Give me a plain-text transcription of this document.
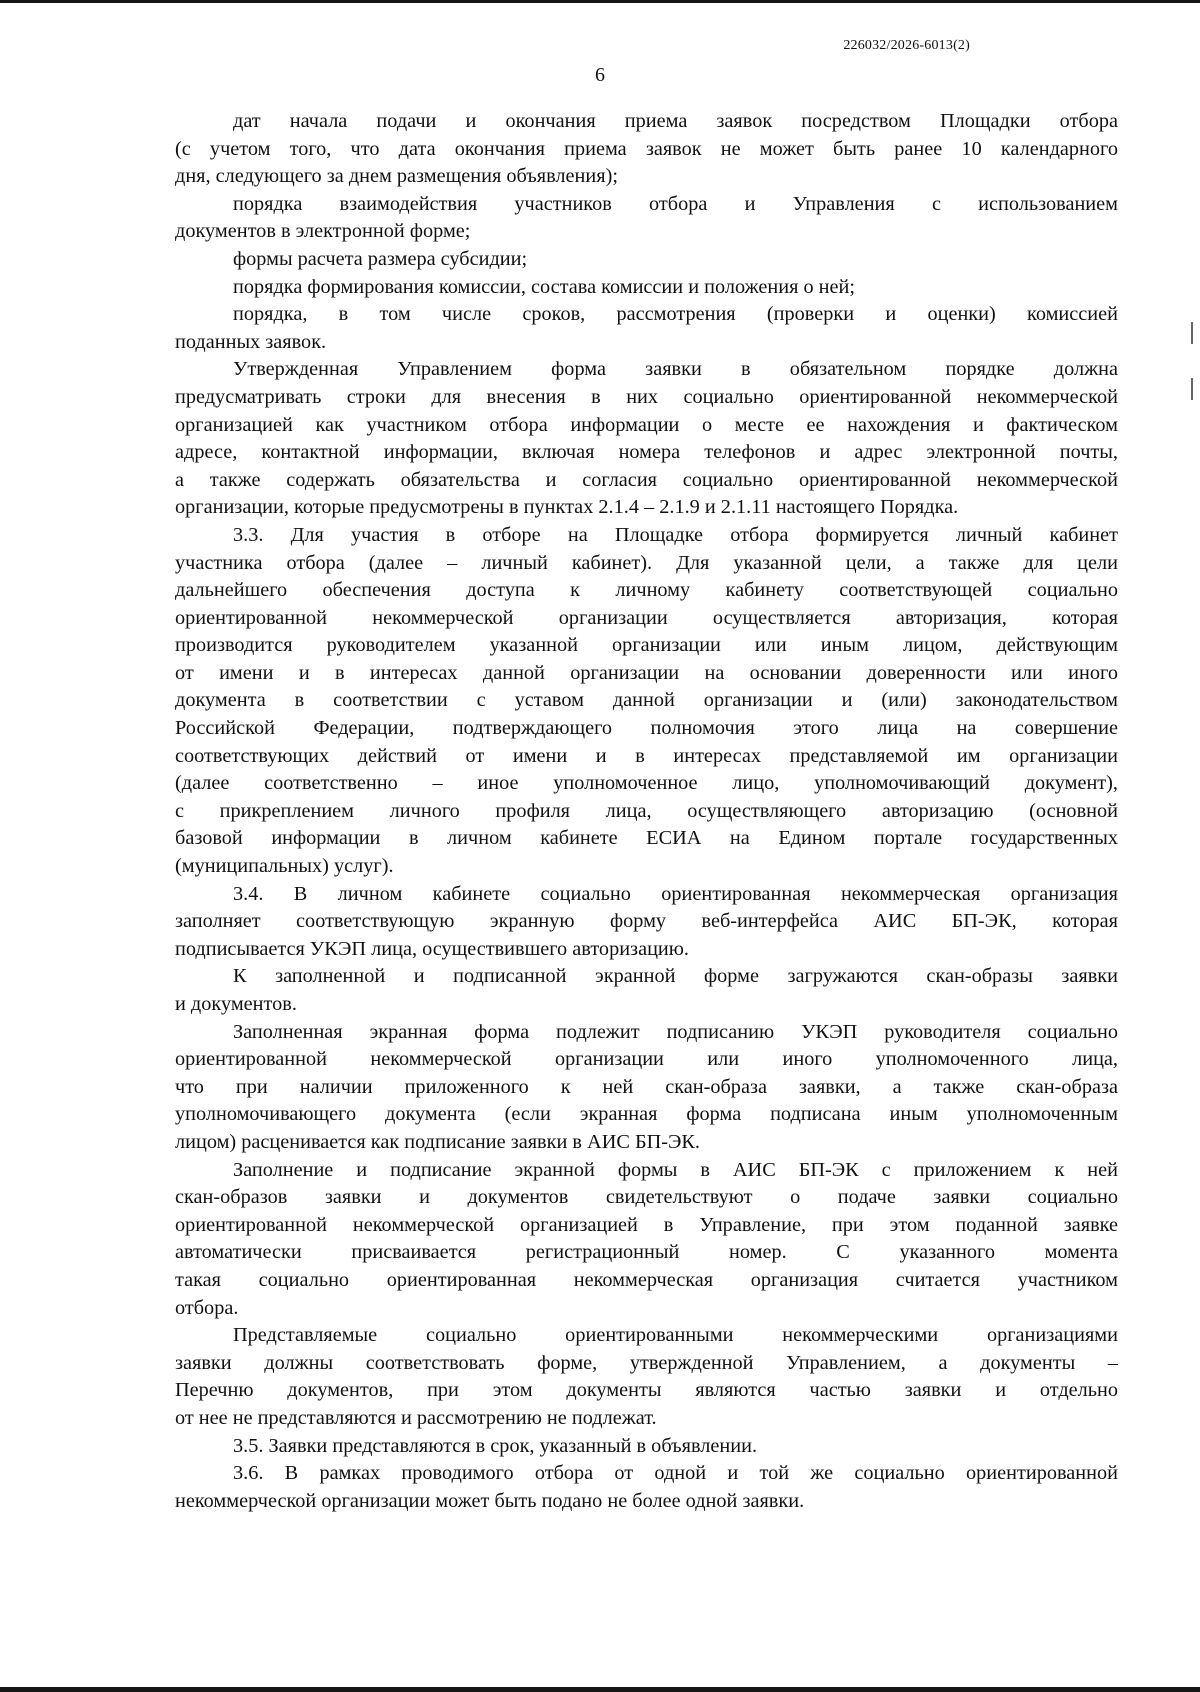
226032/2026-6013(2)
6
дат начала подачи и окончания приема заявок посредством Площадки отбора
(с учетом того, что дата окончания приема заявок не может быть ранее 10 календарного
дня, следующего за днем размещения объявления);
порядка взаимодействия участников отбора и Управления с использованием
документов в электронной форме;
формы расчета размера субсидии;
порядка формирования комиссии, состава комиссии и положения о ней;
порядка, в том числе сроков, рассмотрения (проверки и оценки) комиссией
поданных заявок.
Утвержденная Управлением форма заявки в обязательном порядке должна
предусматривать строки для внесения в них социально ориентированной некоммерческой
организацией как участником отбора информации о месте ее нахождения и фактическом
адресе, контактной информации, включая номера телефонов и адрес электронной почты,
а также содержать обязательства и согласия социально ориентированной некоммерческой
организации, которые предусмотрены в пунктах 2.1.4 – 2.1.9 и 2.1.11 настоящего Порядка.
3.3. Для участия в отборе на Площадке отбора формируется личный кабинет
участника отбора (далее – личный кабинет). Для указанной цели, а также для цели
дальнейшего обеспечения доступа к личному кабинету соответствующей социально
ориентированной некоммерческой организации осуществляется авторизация, которая
производится руководителем указанной организации или иным лицом, действующим
от имени и в интересах данной организации на основании доверенности или иного
документа в соответствии с уставом данной организации и (или) законодательством
Российской Федерации, подтверждающего полномочия этого лица на совершение
соответствующих действий от имени и в интересах представляемой им организации
(далее соответственно – иное уполномоченное лицо, уполномочивающий документ),
с прикреплением личного профиля лица, осуществляющего авторизацию (основной
базовой информации в личном кабинете ЕСИА на Едином портале государственных
(муниципальных) услуг).
3.4. В личном кабинете социально ориентированная некоммерческая организация
заполняет соответствующую экранную форму веб-интерфейса АИС БП-ЭК, которая
подписывается УКЭП лица, осуществившего авторизацию.
К заполненной и подписанной экранной форме загружаются скан-образы заявки
и документов.
Заполненная экранная форма подлежит подписанию УКЭП руководителя социально
ориентированной некоммерческой организации или иного уполномоченного лица,
что при наличии приложенного к ней скан-образа заявки, а также скан-образа
уполномочивающего документа (если экранная форма подписана иным уполномоченным
лицом) расценивается как подписание заявки в АИС БП-ЭК.
Заполнение и подписание экранной формы в АИС БП-ЭК с приложением к ней
скан-образов заявки и документов свидетельствуют о подаче заявки социально
ориентированной некоммерческой организацией в Управление, при этом поданной заявке
автоматически присваивается регистрационный номер. С указанного момента
такая социально ориентированная некоммерческая организация считается участником
отбора.
Представляемые социально ориентированными некоммерческими организациями
заявки должны соответствовать форме, утвержденной Управлением, а документы –
Перечню документов, при этом документы являются частью заявки и отдельно
от нее не представляются и рассмотрению не подлежат.
3.5. Заявки представляются в срок, указанный в объявлении.
3.6. В рамках проводимого отбора от одной и той же социально ориентированной
некоммерческой организации может быть подано не более одной заявки.
